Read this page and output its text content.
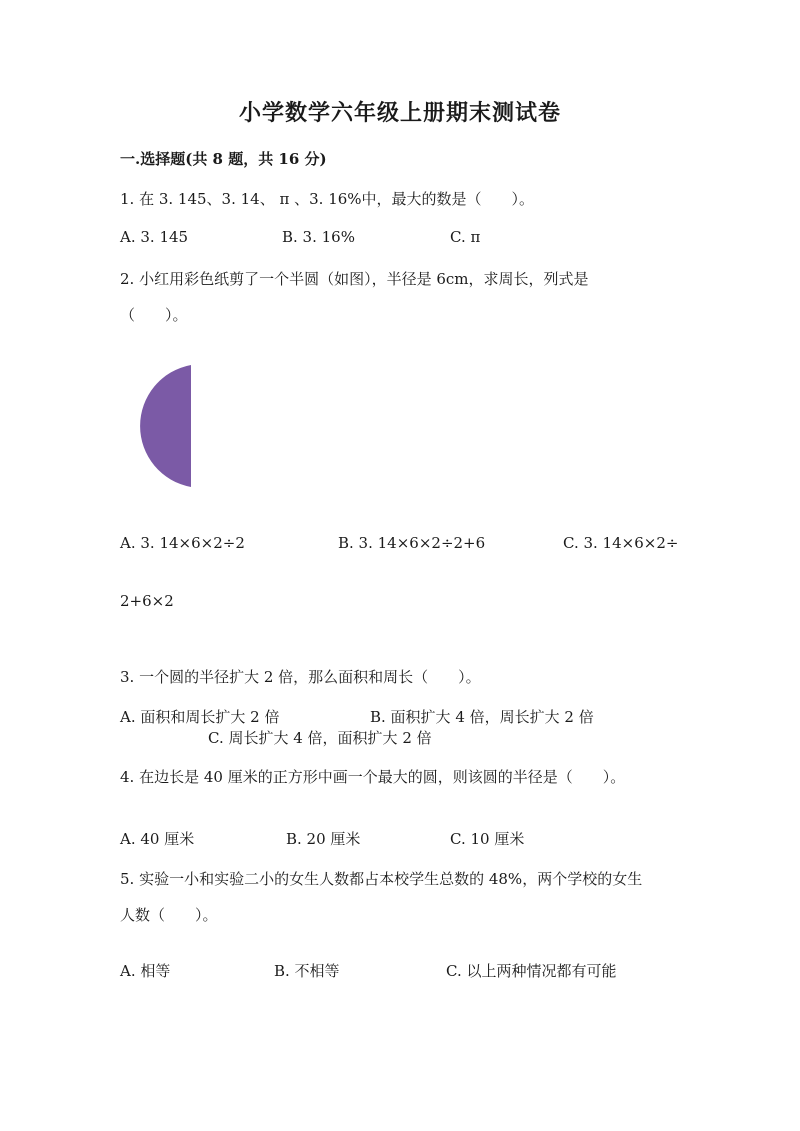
小学数学六年级上册期末测试卷
一.选择题(共 8 题，共 16 分)
1. 在 3. 145、3. 14、 π 、3. 16%中，最大的数是（　　）。
A. 3. 145	B. 3. 16%	C. π
2. 小红用彩色纸剪了一个半圆（如图），半径是 6cm，求周长，列式是
（　　）。
A. 3. 14×6×2÷2	B. 3. 14×6×2÷2+6	C. 3. 14×6×2÷
2+6×2
3. 一个圆的半径扩大 2 倍，那么面积和周长（　　）。
A. 面积和周长扩大 2 倍	B. 面积扩大 4 倍，周长扩大 2 倍
C. 周长扩大 4 倍，面积扩大 2 倍
4. 在边长是 40 厘米的正方形中画一个最大的圆，则该圆的半径是（　　）。
A. 40 厘米	B. 20 厘米	C. 10 厘米
5. 实验一小和实验二小的女生人数都占本校学生总数的 48%，两个学校的女生
人数（　　）。
A. 相等	B. 不相等	C. 以上两种情况都有可能
